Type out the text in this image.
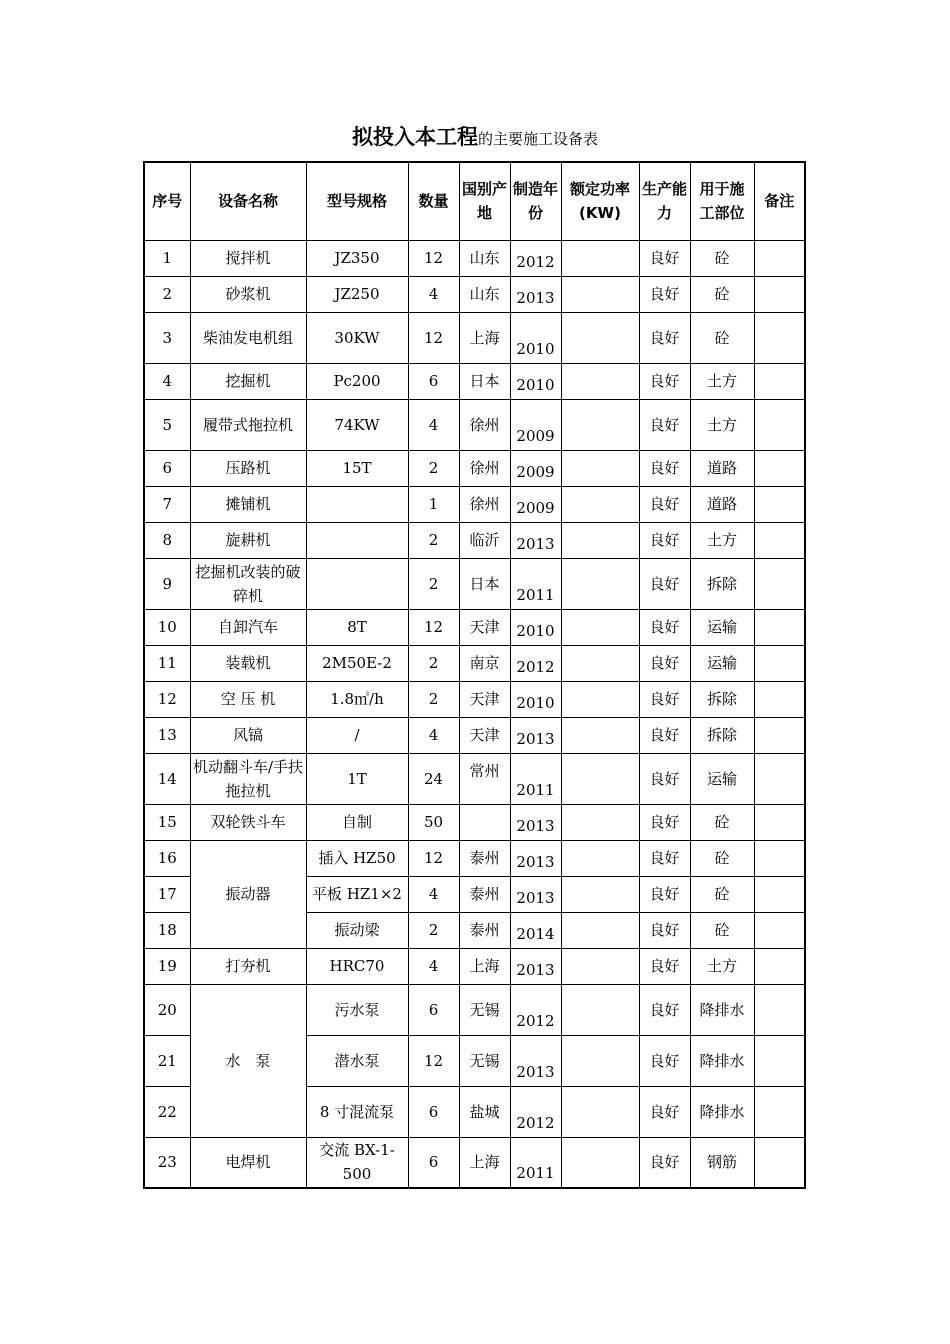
拟投入本工程的主要施工设备表
序号	设备名称	型号规格	数量	国别产地	制造年份	额定功率(KW)	生产能力	用于施工部位	备注
1	搅拌机	JZ350	12	山东	2012		良好	砼	
2	砂浆机	JZ250	4	山东	2013		良好	砼	
3	柴油发电机组	30KW	12	上海	2010		良好	砼	
4	挖掘机	Pc200	6	日本	2010		良好	土方	
5	履带式拖拉机	74KW	4	徐州	2009		良好	土方	
6	压路机	15T	2	徐州	2009		良好	道路	
7	摊铺机		1	徐州	2009		良好	道路	
8	旋耕机		2	临沂	2013		良好	土方	
9	挖掘机改装的破碎机		2	日本	2011		良好	拆除	
10	自卸汽车	8T	12	天津	2010		良好	运输	
11	装载机	2M50E-2	2	南京	2012		良好	运输	
12	空 压 机	1.8㎥/h	2	天津	2010		良好	拆除	
13	风镐	/	4	天津	2013		良好	拆除	
14	机动翻斗车/手扶拖拉机	1T	24	常州	2011		良好	运输	
15	双轮铁斗车	自制	50		2013		良好	砼	
16	振动器	插入 HZ50	12	泰州	2013		良好	砼	
17		平板 HZ1×2	4	泰州	2013		良好	砼	
18		振动梁	2	泰州	2014		良好	砼	
19	打夯机	HRC70	4	上海	2013		良好	土方	
20	水　泵	污水泵	6	无锡	2012		良好	降排水	
21		潜水泵	12	无锡	2013		良好	降排水	
22		8 寸混流泵	6	盐城	2012		良好	降排水	
23	电焊机	交流 BX-1-500	6	上海	2011		良好	钢筋	
